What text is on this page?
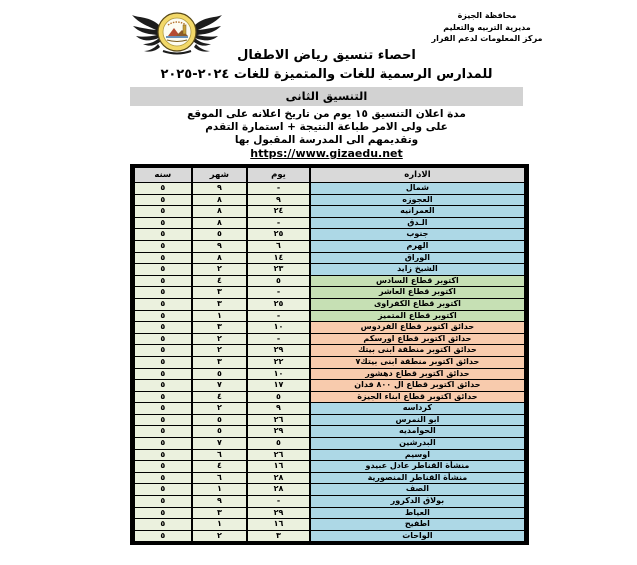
محافظة الجيزة
مديرية التربيه والتعليم
مركز المعلومات لدعم القرار
احصاء تنسيق رياض الاطفال
للمدارس الرسمية للغات والمتميزة للغات ٢٠٢٤-٢٠٢٥
التنسيق الثانى
مدة اعلان التنسيق ١٥ يوم من تاريخ اعلانه على الموقع
على ولى الامر طباعة النتيجة + استمارة التقدم
وتقديمهم الى المدرسة المقبول بها
https://www.gizaedu.net
الاداره	يوم	شهر	سنه
شمال	-	٩	٥
العجوزه	٩	٨	٥
العمرانيه	٢٤	٨	٥
الـدق	-	٨	٥
جنوب	٢٥	٥	٥
الهرم	٦	٩	٥
الوراق	١٤	٨	٥
الشيخ زايد	٢٣	٢	٥
اكتوبر قطاع السادس	٥	٤	٥
اكتوبر قطاع العاشر	-	٣	٥
اكتوبر قطاع الكفراوى	٢٥	٣	٥
اكتوبر قطاع المتميز	-	١	٥
حدائق اكتوبر قطاع الفردوس	١٠	٣	٥
حدائق اكتوبر قطاع اورسكم	-	٢	٥
حدائق اكتوبر منطقة ابنى بيتك	٢٩	٢	٥
حدائق اكتوبر منطقة ابنى بيتك٧	٢٢	٣	٥
حدائق اكتوبر قطاع دهشور	١٠	٥	٥
حدائق اكتوبر قطاع ال ٨٠٠ فدان	١٧	٧	٥
حدائق اكتوبر قطاع ابناء الجيزة	٥	٤	٥
كرداسه	٩	٢	٥
ابو النمرس	٢٦	٥	٥
الحوامديه	٢٩	٥	٥
البدرشين	٥	٧	٥
اوسيم	٢٦	٦	٥
منشأة القناطر عادل عبيدو	١٦	٤	٥
منشأة القناطر المنصورية	٢٨	٦	٥
الصف	٢٨	١	٥
بولاق الدكرور	-	٩	٥
العياط	٢٩	٣	٥
اطفيح	١٦	١	٥
الواحات	٣	٢	٥
